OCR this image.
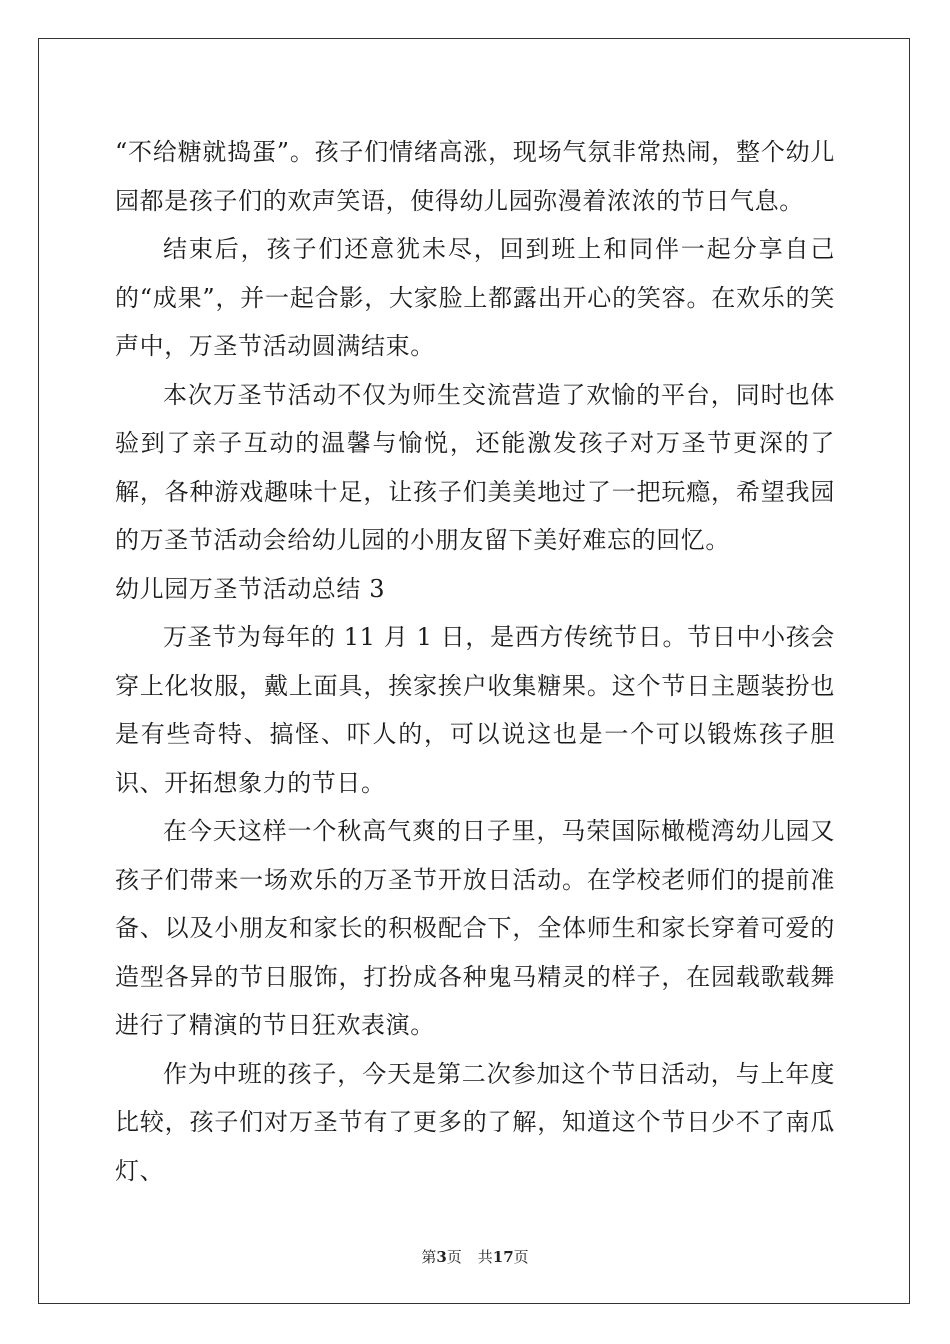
“不给糖就捣蛋”。孩子们情绪高涨，现场气氛非常热闹，整个幼儿园都是孩子们的欢声笑语，使得幼儿园弥漫着浓浓的节日气息。

结束后，孩子们还意犹未尽，回到班上和同伴一起分享自己的“成果”，并一起合影，大家脸上都露出开心的笑容。在欢乐的笑声中，万圣节活动圆满结束。

本次万圣节活动不仅为师生交流营造了欢愉的平台，同时也体验到了亲子互动的温馨与愉悦，还能激发孩子对万圣节更深的了解，各种游戏趣味十足，让孩子们美美地过了一把玩瘾，希望我园的万圣节活动会给幼儿园的小朋友留下美好难忘的回忆。

幼儿园万圣节活动总结 3

万圣节为每年的 11 月 1 日，是西方传统节日。节日中小孩会穿上化妆服，戴上面具，挨家挨户收集糖果。这个节日主题装扮也是有些奇特、搞怪、吓人的，可以说这也是一个可以锻炼孩子胆识、开拓想象力的节日。

在今天这样一个秋高气爽的日子里，马荣国际橄榄湾幼儿园又孩子们带来一场欢乐的万圣节开放日活动。在学校老师们的提前准备、以及小朋友和家长的积极配合下，全体师生和家长穿着可爱的造型各异的节日服饰，打扮成各种鬼马精灵的样子，在园载歌载舞进行了精演的节日狂欢表演。

作为中班的孩子，今天是第二次参加这个节日活动，与上年度比较，孩子们对万圣节有了更多的了解，知道这个节日少不了南瓜灯、

第3页 共17页
